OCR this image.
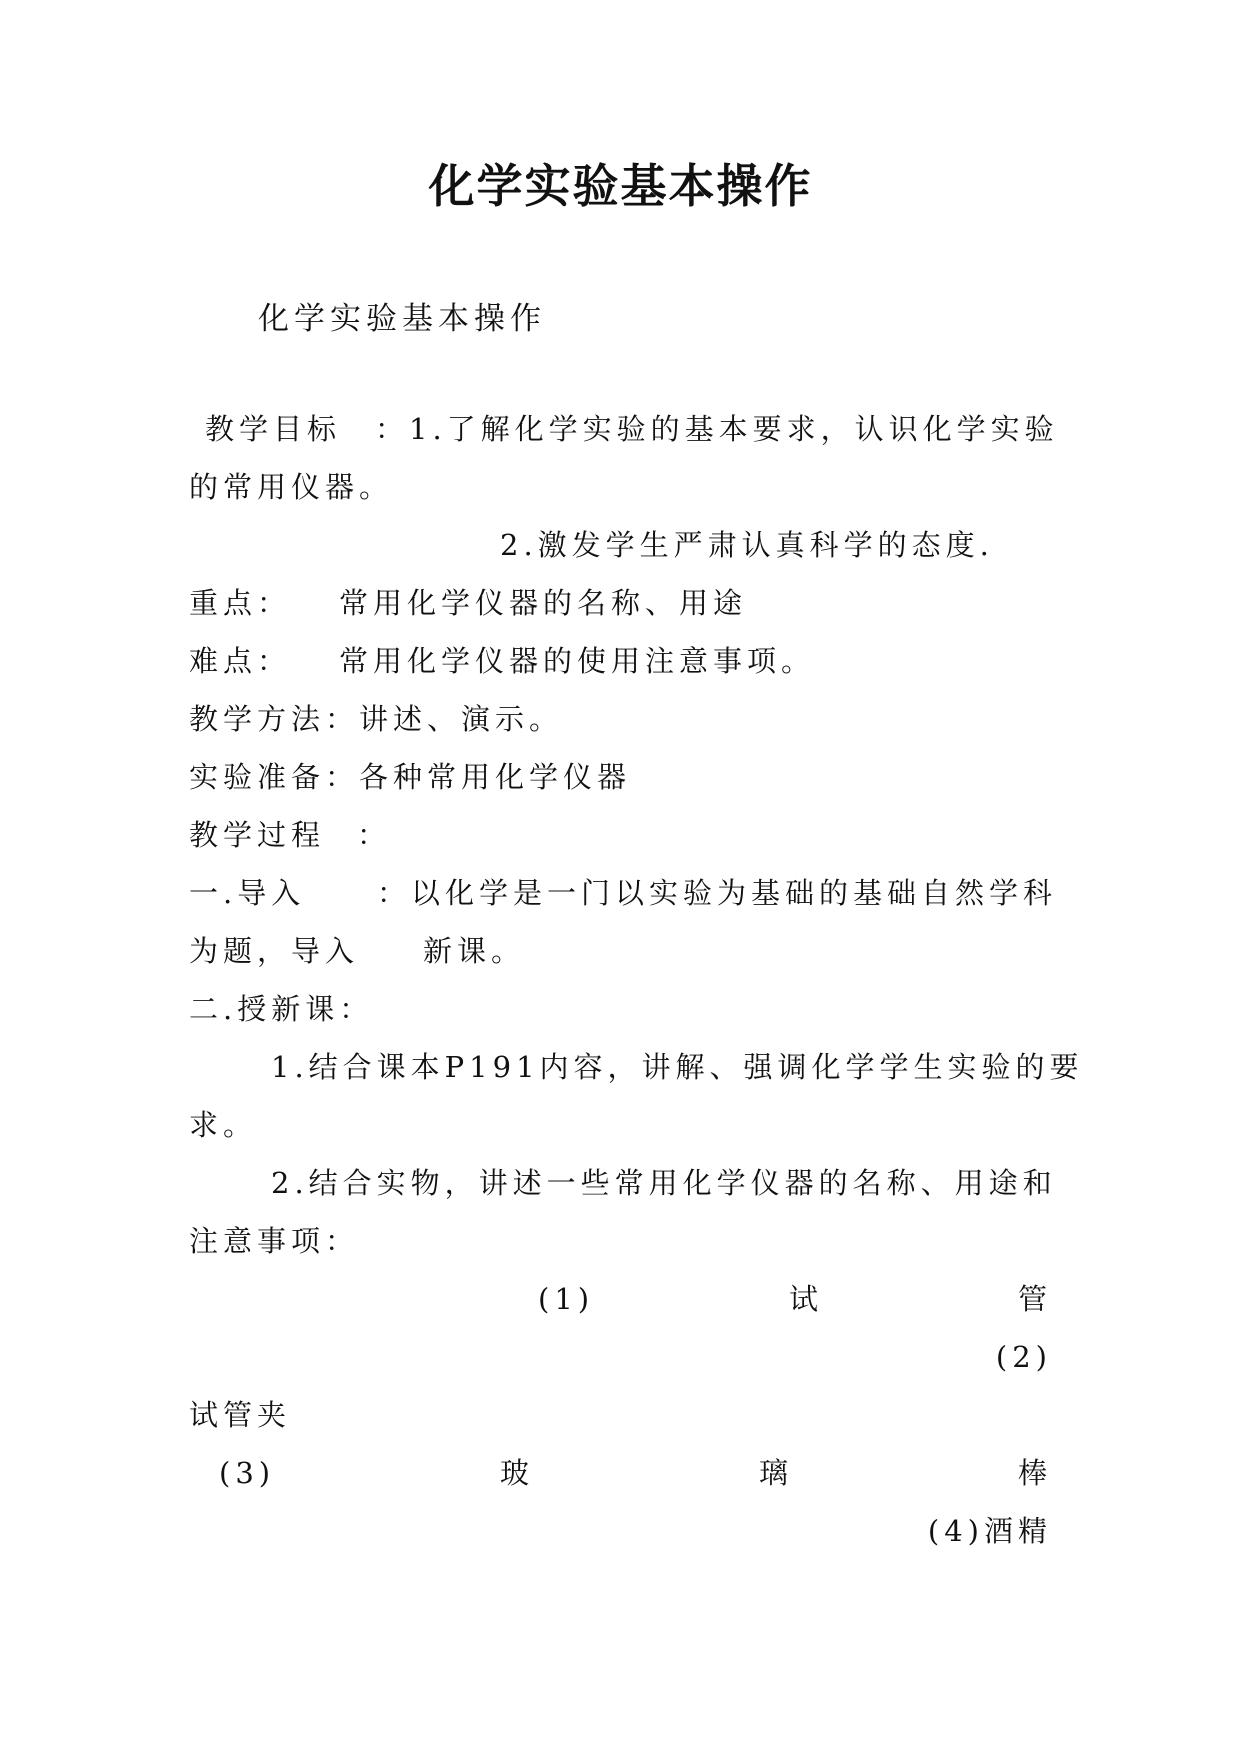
化学实验基本操作
化学实验基本操作

教学目标 ：1.了解化学实验的基本要求，认识化学实验

的常用仪器。

2.激发学生严肃认真科学的态度.

重点： 常用化学仪器的名称、用途

难点： 常用化学仪器的使用注意事项。

教学方法：讲述、演示。

实验准备：各种常用化学仪器

教学过程 ：

一.导入 ：以化学是一门以实验为基础的基础自然学科

为题，导入 新课。

二.授新课：

1.结合课本P191内容，讲解、强调化学学生实验的要

求。

2.结合实物，讲述一些常用化学仪器的名称、用途和

注意事项：

(1)	试	管

(2)

试管夹

(3)	玻	璃	棒

(4)酒精
